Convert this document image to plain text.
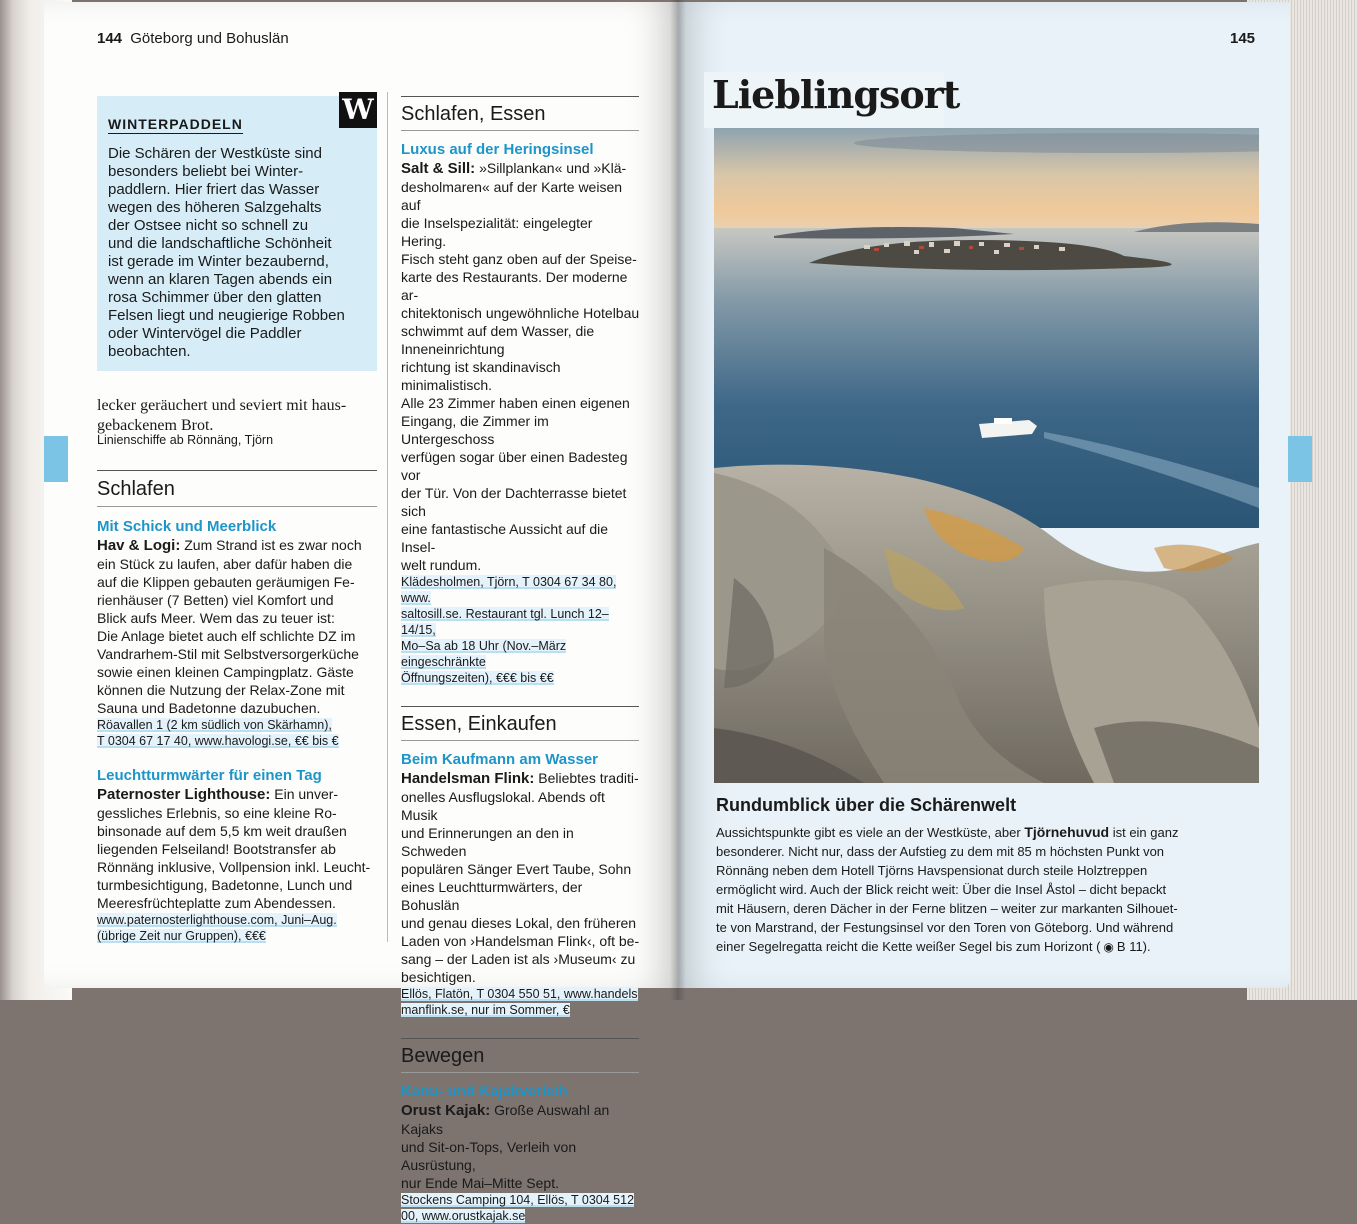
144 Göteborg und Bohuslän
WINTERPADDELN	W
Die Schären der Westküste sind
besonders beliebt bei Winter-
paddlern. Hier friert das Wasser
wegen des höheren Salzgehalts
der Ostsee nicht so schnell zu
und die landschaftliche Schönheit
ist gerade im Winter bezaubernd,
wenn an klaren Tagen abends ein
rosa Schimmer über den glatten
Felsen liegt und neugierige Robben
oder Wintervögel die Paddler
beobachten.
lecker geräuchert und seviert mit haus-
gebackenem Brot.
Linienschiffe ab Rönnäng, Tjörn
Schlafen
Mit Schick und Meerblick
Hav & Logi: Zum Strand ist es zwar noch
ein Stück zu laufen, aber dafür haben die
auf die Klippen gebauten geräumigen Fe-
rienhäuser (7 Betten) viel Komfort und
Blick aufs Meer. Wem das zu teuer ist:
Die Anlage bietet auch elf schlichte DZ im
Vandrarhem-Stil mit Selbstversorgerküche
sowie einen kleinen Campingplatz. Gäste
können die Nutzung der Relax-Zone mit
Sauna und Badetonne dazubuchen.
Röavallen 1 (2 km südlich von Skärhamn),
T 0304 67 17 40, www.havologi.se, €€ bis €
Leuchtturmwärter für einen Tag
Paternoster Lighthouse: Ein unver-
gessliches Erlebnis, so eine kleine Ro-
binsonade auf dem 5,5 km weit draußen
liegenden Felseiland! Bootstransfer ab
Rönnäng inklusive, Vollpension inkl. Leucht-
turmbesichtigung, Badetonne, Lunch und
Meeresfrüchteplatte zum Abendessen.
www.paternosterlighthouse.com, Juni–Aug.
(übrige Zeit nur Gruppen), €€€
Schlafen, Essen
Luxus auf der Heringsinsel
Salt & Sill: »Sillplankan« und »Klä-
desholmaren« auf der Karte weisen auf
die Inselspezialität: eingelegter Hering.
Fisch steht ganz oben auf der Speise-
karte des Restaurants. Der moderne ar-
chitektonisch ungewöhnliche Hotelbau
schwimmt auf dem Wasser, die Inneneinrichtung
richtung ist skandinavisch minimalistisch.
Alle 23 Zimmer haben einen eigenen
Eingang, die Zimmer im Untergeschoss
verfügen sogar über einen Badesteg vor
der Tür. Von der Dachterrasse bietet sich
eine fantastische Aussicht auf die Insel-
welt rundum.
Klädesholmen, Tjörn, T 0304 67 34 80, www.
saltosill.se. Restaurant tgl. Lunch 12–14/15,
Mo–Sa ab 18 Uhr (Nov.–März eingeschränkte
Öffnungszeiten), €€€ bis €€
Essen, Einkaufen
Beim Kaufmann am Wasser
Handelsman Flink: Beliebtes traditi-
onelles Ausflugslokal. Abends oft Musik
und Erinnerungen an den in Schweden
populären Sänger Evert Taube, Sohn
eines Leuchtturmwärters, der Bohuslän
und genau dieses Lokal, den früheren
Laden von ›Handelsman Flink‹, oft be-
sang – der Laden ist als ›Museum‹ zu
besichtigen.
Ellös, Flatön, T 0304 550 51, www.handels
manflink.se, nur im Sommer, €
Bewegen
Kanu- und Kajakverleih
Orust Kajak: Große Auswahl an Kajaks
und Sit-on-Tops, Verleih von Ausrüstung,
nur Ende Mai–Mitte Sept.
Stockens Camping 104, Ellös, T 0304 512
00, www.orustkajak.se
145
Lieblingsort
Rundumblick über die Schärenwelt
Aussichtspunkte gibt es viele an der Westküste, aber Tjörnehuvud ist ein ganz
besonderer. Nicht nur, dass der Aufstieg zu dem mit 85 m höchsten Punkt von
Rönnäng neben dem Hotell Tjörns Havspensionat durch steile Holztreppen
ermöglicht wird. Auch der Blick reicht weit: Über die Insel Åstol – dicht bepackt
mit Häusern, deren Dächer in der Ferne blitzen – weiter zur markanten Silhouet-
te von Marstrand, der Festungsinsel vor den Toren von Göteborg. Und während
einer Segelregatta reicht die Kette weißer Segel bis zum Horizont ( ◉ B 11).
